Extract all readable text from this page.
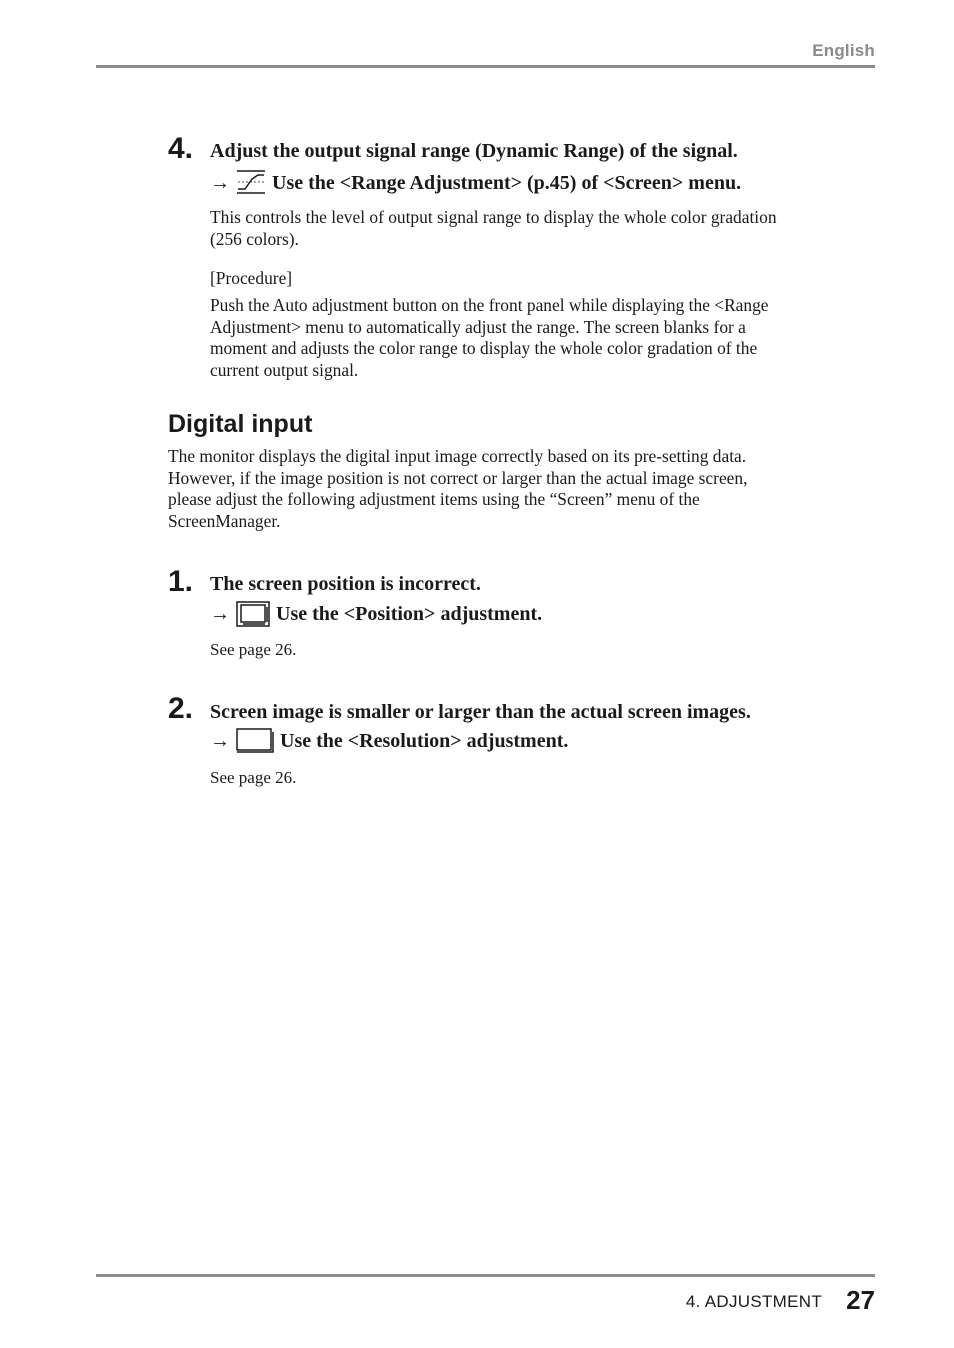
English
4. Adjust the output signal range (Dynamic Range) of the signal.
→ Use the <Range Adjustment> (p.45) of <Screen> menu.
This controls the level of output signal range to display the whole color gradation
(256 colors).
[Procedure]
Push the Auto adjustment button on the front panel while displaying the <Range
Adjustment> menu to automatically adjust the range. The screen blanks for a
moment and adjusts the color range to display the whole color gradation of the
current output signal.
Digital input
The monitor displays the digital input image correctly based on its pre-setting data.
However, if the image position is not correct or larger than the actual image screen,
please adjust the following adjustment items using the “Screen” menu of the
ScreenManager.
1. The screen position is incorrect.
→ Use the <Position> adjustment.
See page 26.
2. Screen image is smaller or larger than the actual screen images.
→	Use the <Resolution> adjustment.
See page 26.
4. ADJUSTMENT 27
